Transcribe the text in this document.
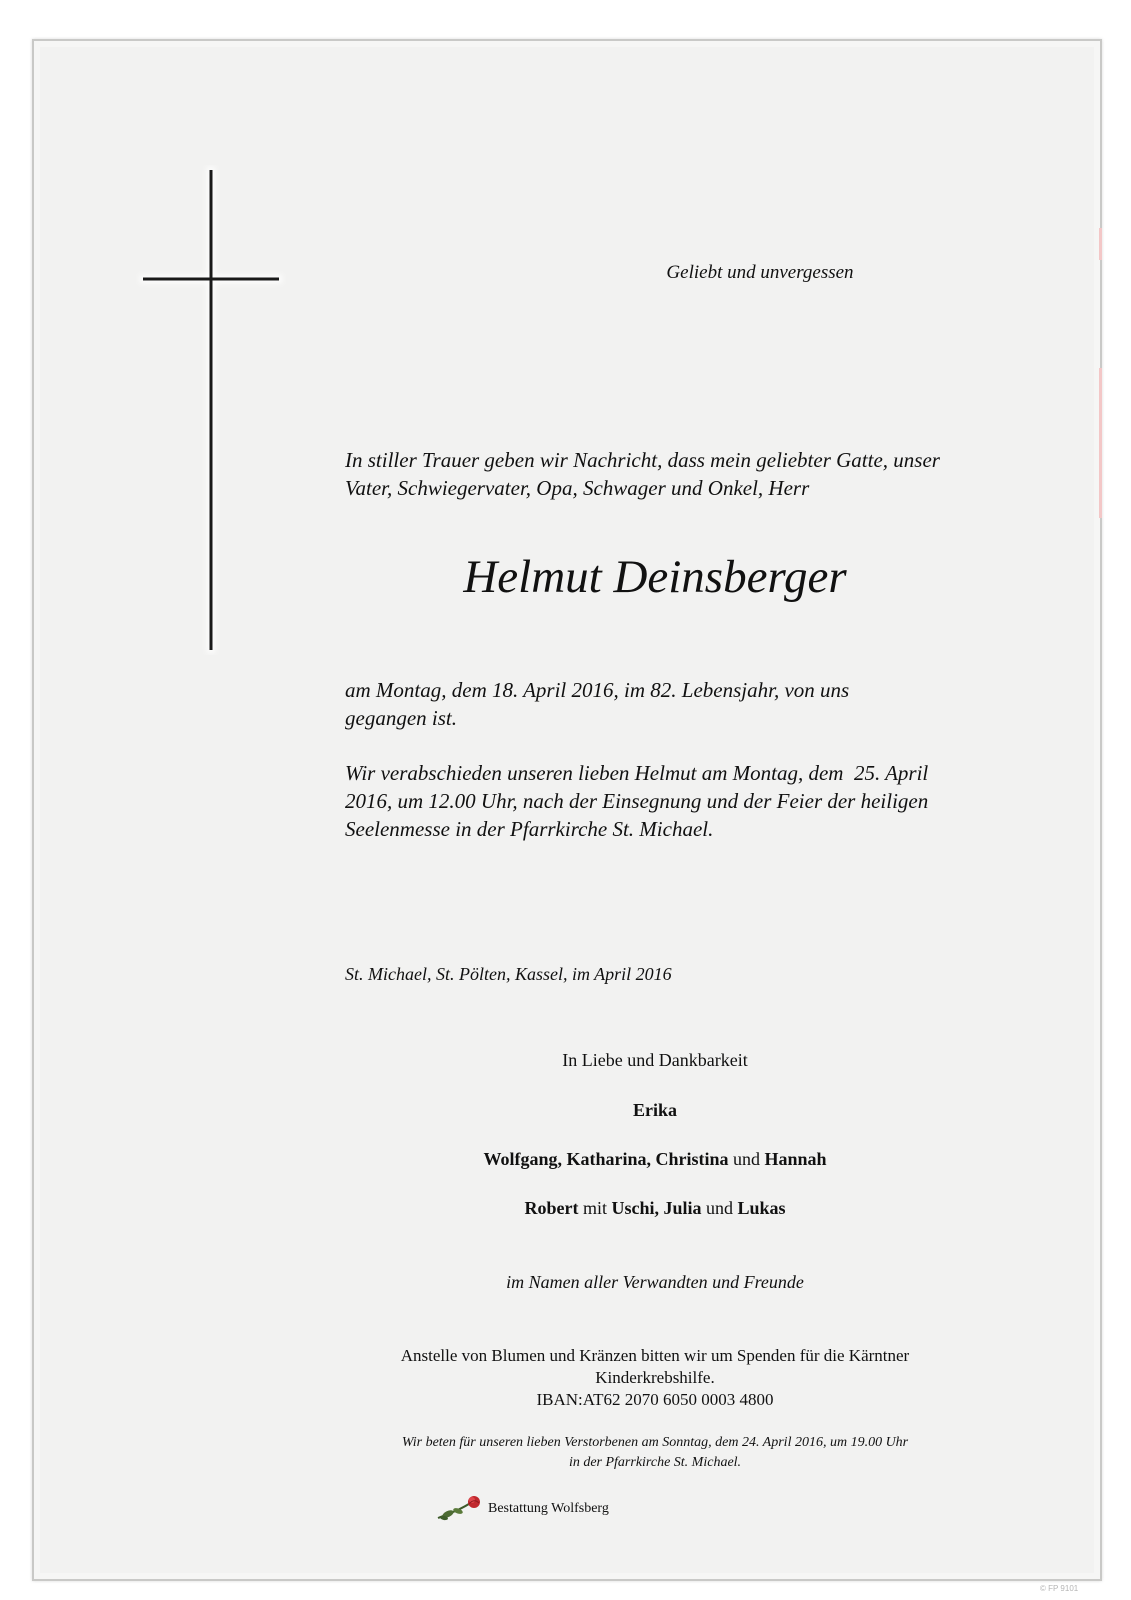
Geliebt und unvergessen

In stiller Trauer geben wir Nachricht, dass mein geliebter Gatte, unser
Vater, Schwiegervater, Opa, Schwager und Onkel, Herr
Helmut Deinsberger
am Montag, dem 18. April 2016, im 82. Lebensjahr, von uns
gegangen ist.
Wir verabschieden unseren lieben Helmut am Montag, dem  25. April
2016, um 12.00 Uhr, nach der Einsegnung und der Feier der heiligen
Seelenmesse in der Pfarrkirche St. Michael.
St. Michael, St. Pölten, Kassel, im April 2016
In Liebe und Dankbarkeit
Erika
Wolfgang, Katharina, Christina und Hannah
Robert mit Uschi, Julia und Lukas
im Namen aller Verwandten und Freunde
Anstelle von Blumen und Kränzen bitten wir um Spenden für die Kärntner
Kinderkrebshilfe.
IBAN:AT62 2070 6050 0003 4800
Wir beten für unseren lieben Verstorbenen am Sonntag, dem 24. April 2016, um 19.00 Uhr
in der Pfarrkirche St. Michael.
Bestattung Wolfsberg
© FP 9101
